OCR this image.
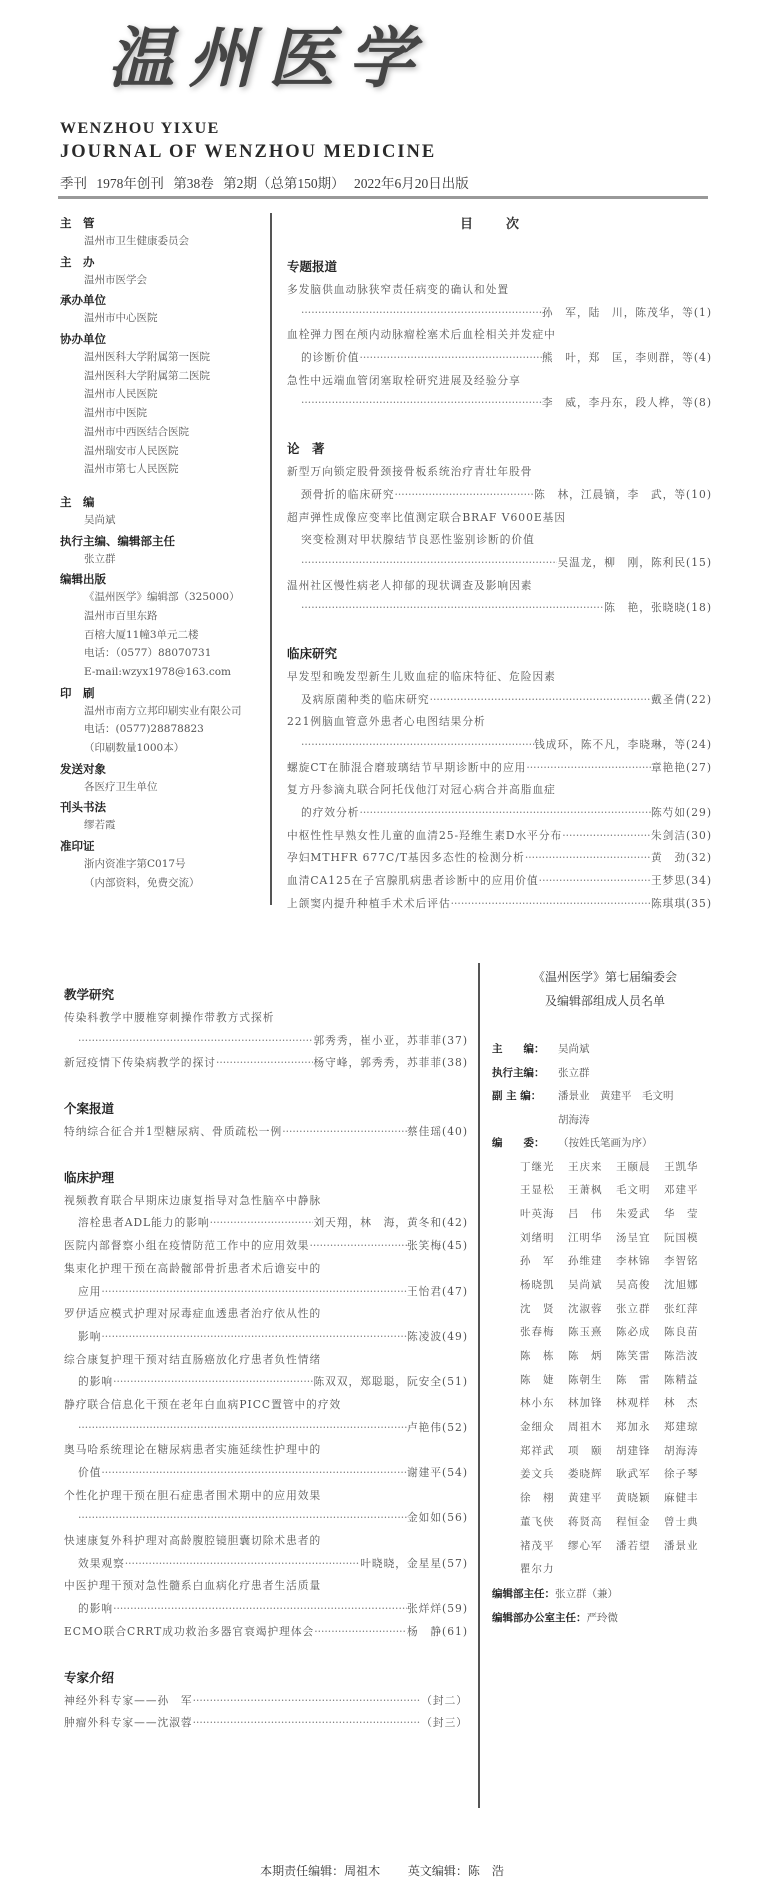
温州医学
WENZHOU YIXUE
JOURNAL OF WENZHOU MEDICINE
季刊 1978年创刊 第38卷 第2期（总第150期） 2022年6月20日出版
主　管
温州市卫生健康委员会
主　办
温州市医学会
承办单位
温州市中心医院
协办单位
温州医科大学附属第一医院
温州医科大学附属第二医院
温州市人民医院
温州市中医院
温州市中西医结合医院
温州瑞安市人民医院
温州市第七人民医院
主　编
吴尚斌
执行主编、编辑部主任
张立群
编辑出版
《温州医学》编辑部（325000）
温州市百里东路
百榕大厦11幢3单元二楼
电话：（0577）88070731
E-mail:wzyx1978@163.com
印　刷
温州市南方立邦印刷实业有限公司
电话：(0577)28878823
（印刷数量1000本）
发送对象
各医疗卫生单位
刊头书法
缪若霞
准印证
浙内资准字第C017号
（内部资料，免费交流）
目　次
专题报道
多发脑供血动脉狭窄责任病变的确认和处置
·····
孙　军，陆　川，陈茂华，等 (1)
血栓弹力图在颅内动脉瘤栓塞术后血栓相关并发症中
的诊断价值 ·····	熊　叶，郑　匡，李则群，等 (4)
急性中远端血管闭塞取栓研究进展及经验分享
·····
李　威，李丹东，段人桦，等 (8)
论　著
新型万向锁定股骨颈接骨板系统治疗青壮年股骨
颈骨折的临床研究 ·····	陈　林，江晨镝，李　武，等 (10)
超声弹性成像应变率比值测定联合BRAF V600E基因
突变检测对甲状腺结节良恶性鉴别诊断的价值
·····
吴温龙，柳　刚，陈利民 (15)
温州社区慢性病老人抑郁的现状调查及影响因素
·····
陈　艳，张晓晓 (18)
临床研究
早发型和晚发型新生儿败血症的临床特征、危险因素
及病原菌种类的临床研究 ·····	戴圣倩 (22)
221例脑血管意外患者心电图结果分析
·····
钱成环，陈不凡，李晓琳，等 (24)
螺旋CT在肺混合磨玻璃结节早期诊断中的应用 ·····	章艳艳 (27)
复方丹参滴丸联合阿托伐他汀对冠心病合并高脂血症
的疗效分析 ·····	陈芍如 (29)
中枢性性早熟女性儿童的血清25-羟维生素D水平分布 ·····	朱剑洁 (30)
孕妇MTHFR 677C/T基因多态性的检测分析 ·····	黄　劲 (32)
血清CA125在子宫腺肌病患者诊断中的应用价值 ·····	王梦思 (34)
上颌窦内提升种植手术术后评估 ·····	陈琪琪 (35)
教学研究
传染科教学中腰椎穿刺操作带教方式探析
·····
郭秀秀，崔小亚，苏菲菲 (37)
新冠疫情下传染病教学的探讨 ·····	杨守峰，郭秀秀，苏菲菲 (38)
个案报道
特纳综合征合并1型糖尿病、骨质疏松一例 ·····	蔡佳瑶 (40)
临床护理
视频教育联合早期床边康复指导对急性脑卒中静脉
溶栓患者ADL能力的影响 ·····	刘天翔，林　海，黄冬和 (42)
医院内部督察小组在疫情防范工作中的应用效果 ·····	张笑梅 (45)
集束化护理干预在高龄髋部骨折患者术后谵妄中的
应用 ·····	王怡君 (47)
罗伊适应模式护理对尿毒症血透患者治疗依从性的
影响 ·····	陈凌波 (49)
综合康复护理干预对结直肠癌放化疗患者负性情绪
的影响 ·····	陈双双，郑聪聪，阮安全 (51)
静疗联合信息化干预在老年白血病PICC置管中的疗效
·····
卢艳伟 (52)
奥马哈系统理论在糖尿病患者实施延续性护理中的
价值 ·····	谢建平 (54)
个性化护理干预在胆石症患者围术期中的应用效果
·····
金如如 (56)
快速康复外科护理对高龄腹腔镜胆囊切除术患者的
效果观察 ·····	叶晓晓，金星星 (57)
中医护理干预对急性髓系白血病化疗患者生活质量
的影响 ·····	张烊烊 (59)
ECMO联合CRRT成功救治多器官衰竭护理体会 ·····	杨　静 (61)
专家介绍
神经外科专家——孙　军 ·····	（封二）
肿瘤外科专家——沈淑蓉 ·····	（封三）
《温州医学》第七届编委会
及编辑部组成人员名单
主　　编：	吴尚斌
执行主编：	张立群
副 主 编：	潘景业　黄建平　毛文明
胡海涛
编　　委：	（按姓氏笔画为序）
丁继光	王庆来	王颐晨	王凯华
王显松	王萧枫	毛文明	邓建平
叶英海	吕　伟	朱爱武	华　莹
刘绪明	江明华	汤呈宜	阮国模
孙　军	孙维建	李林锦	李智铭
杨晓凯	吴尚斌	吴高俊	沈旭娜
沈　贤	沈淑蓉	张立群	张红萍
张春梅	陈玉熹	陈必成	陈良苗
陈　栋	陈　炳	陈笑雷	陈浩波
陈　婕	陈朝生	陈　雷	陈精益
林小东	林加锋	林观样	林　杰
金细众	周祖木	郑加永	郑建琼
郑祥武	项　颐	胡建锋	胡海涛
姜文兵	娄晓辉	耿武军	徐子琴
徐　栩	黄建平	黄晓颖	麻健丰
董飞侠	蒋贤高	程恒金	曾士典
褚茂平	缪心军	潘若望	潘景业
瞿尔力
编辑部主任： 张立群（兼）
编辑部办公室主任： 严玲微
本期责任编辑：周祖木 英文编辑：陈　浩
